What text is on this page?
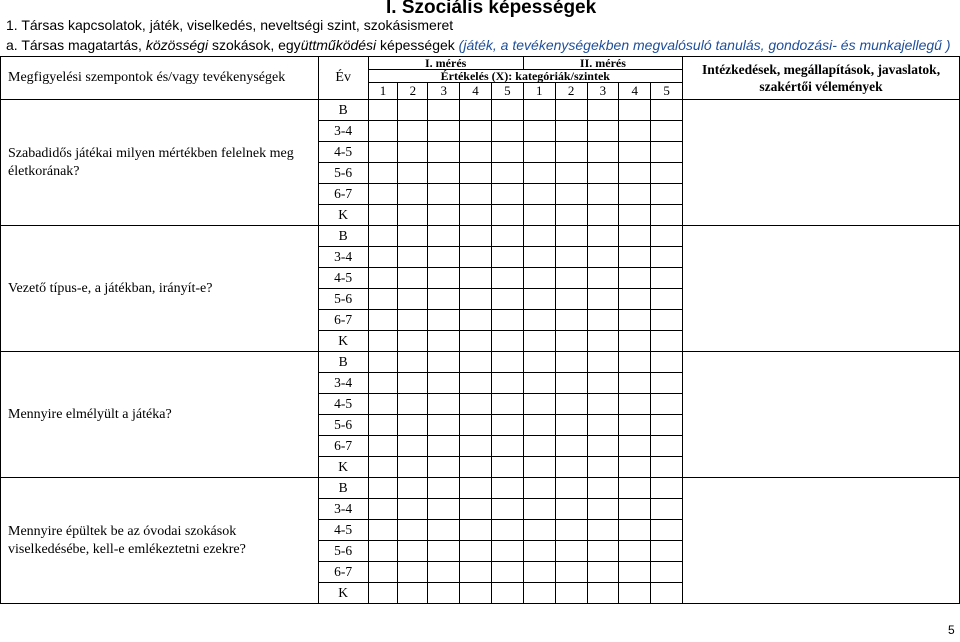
I. Szociális képességek
1. Társas kapcsolatok, játék, viselkedés, neveltségi szint, szokásismeret
a. Társas magatartás, közösségi szokások, együttműködési képességek (játék, a tevékenységekben megvalósuló tanulás, gondozási- és munkajellegű )
Megfigyelési szempontok és/vagy tevékenységek	Év	I. mérés					II. mérés					Intézkedések, megállapítások, javaslatok, szakértői vélemények
		Értékelés (X): kategóriák/szintek										
		1	2	3	4	5	1	2	3	4	5	
Szabadidős játékai milyen mértékben felelnek meg életkorának?	B											
	3-4											
	4-5											
	5-6											
	6-7											
	K											
Vezető típus-e, a játékban, irányít-e?	B											
	3-4											
	4-5											
	5-6											
	6-7											
	K											
Mennyire elmélyült a játéka?	B											
	3-4											
	4-5											
	5-6											
	6-7											
	K											
Mennyire épültek be az óvodai szokások viselkedésébe, kell-e emlékeztetni ezekre?	B											
	3-4											
	4-5											
	5-6											
	6-7											
	K											
5
